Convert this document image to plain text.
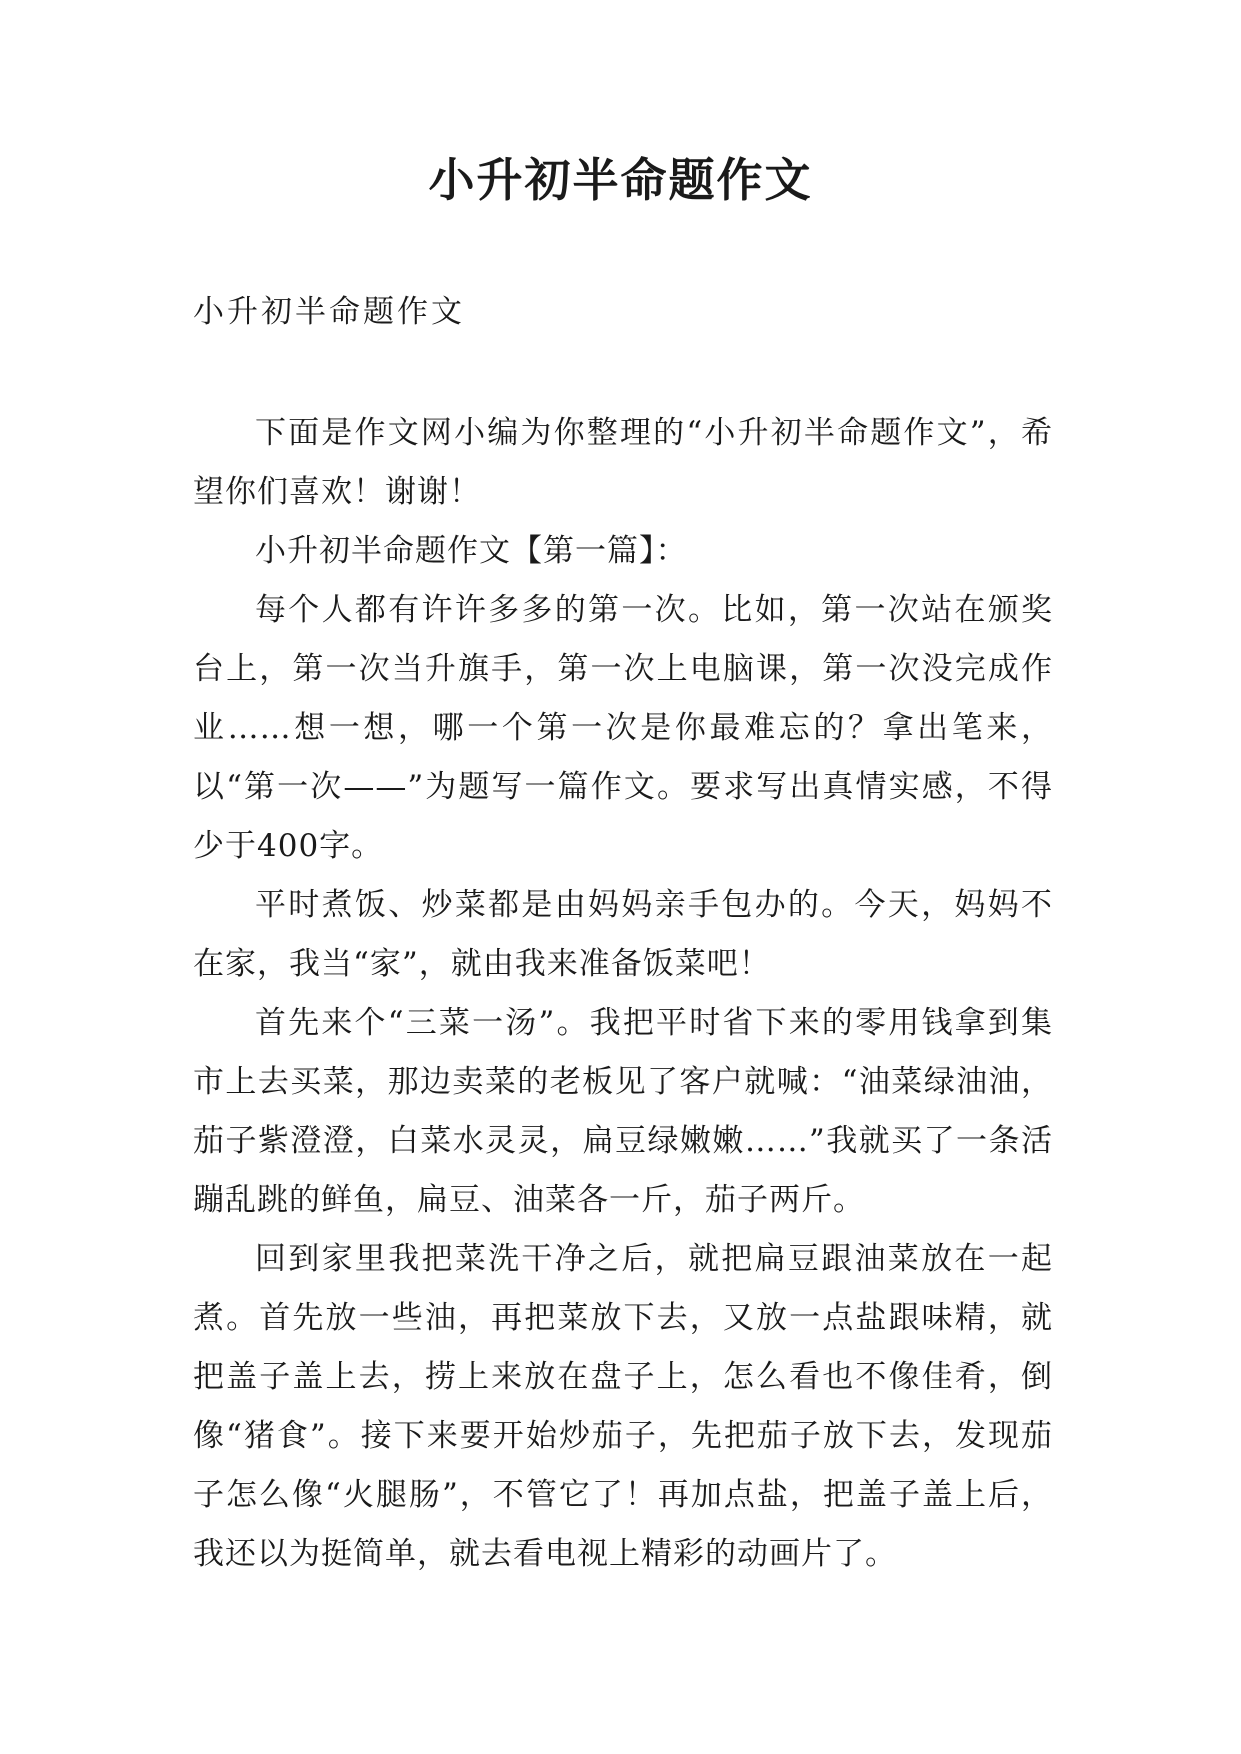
小升初半命题作文

小升初半命题作文

下面是作文网小编为你整理的“小升初半命题作文”，希望你们喜欢！谢谢！

小升初半命题作文【第一篇】：

每个人都有许许多多的第一次。比如，第一次站在颁奖台上，第一次当升旗手，第一次上电脑课，第一次没完成作业……想一想，哪一个第一次是你最难忘的？拿出笔来，以“第一次——”为题写一篇作文。要求写出真情实感，不得少于400字。

平时煮饭、炒菜都是由妈妈亲手包办的。今天，妈妈不在家，我当“家”，就由我来准备饭菜吧！

首先来个“三菜一汤”。我把平时省下来的零用钱拿到集市上去买菜，那边卖菜的老板见了客户就喊：“油菜绿油油，茄子紫澄澄，白菜水灵灵，扁豆绿嫩嫩……”我就买了一条活蹦乱跳的鲜鱼，扁豆、油菜各一斤，茄子两斤。

回到家里我把菜洗干净之后，就把扁豆跟油菜放在一起煮。首先放一些油，再把菜放下去，又放一点盐跟味精，就把盖子盖上去，捞上来放在盘子上，怎么看也不像佳肴，倒像“猪食”。接下来要开始炒茄子，先把茄子放下去，发现茄子怎么像“火腿肠”，不管它了！再加点盐，把盖子盖上后，我还以为挺简单，就去看电视上精彩的动画片了。
